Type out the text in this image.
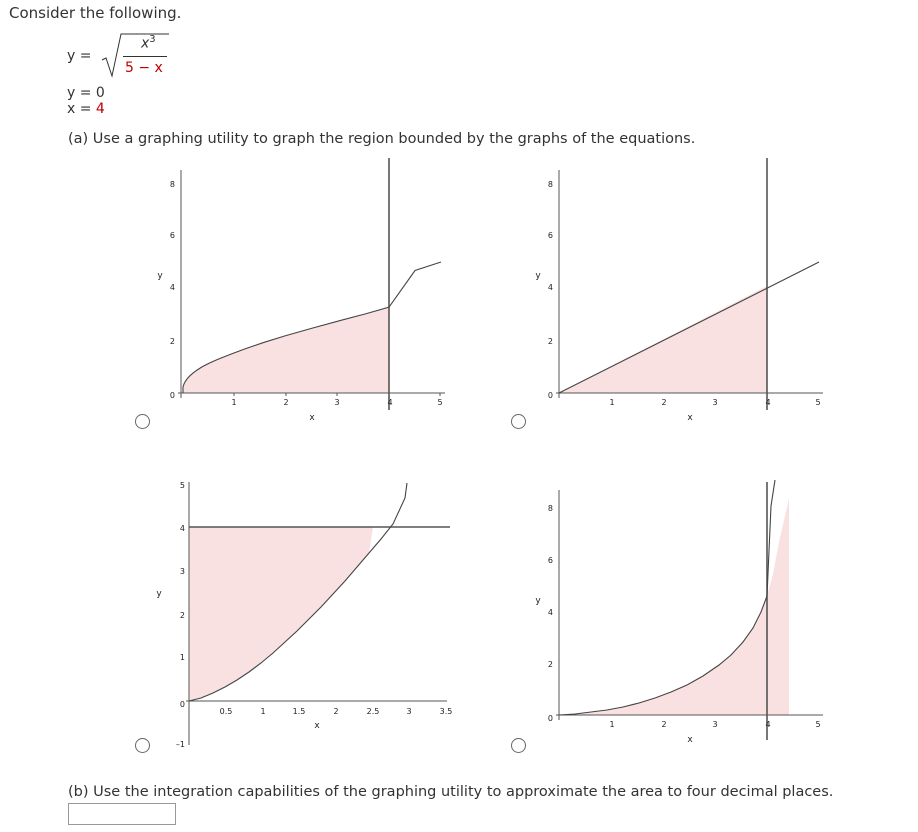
Consider the following.
y =
$x^3$
5 − x
y = 0
x = 4
(a) Use a graphing utility to graph the region bounded by the graphs of the equations.
1	2	3	4	5
0
2
4
6
8
x
y
1	2	3	4	5
0
2
4
6
8
x
y
0.5	1	1.5	2	2.5	3	3.5
–1
0
1
2
3
4
5
x
y
1	2	3	4	5
0
2
4
6
8
x
y
(b) Use the integration capabilities of the graphing utility to approximate the area to four decimal places.
